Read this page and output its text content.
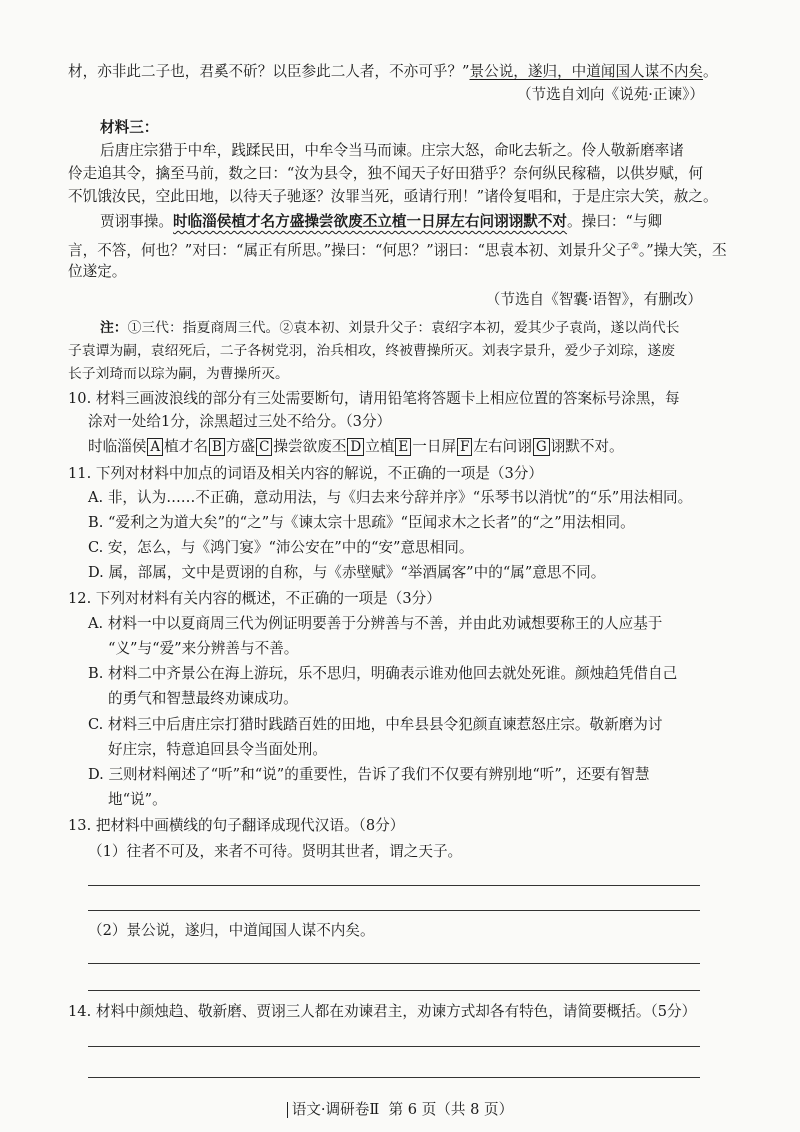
材，亦非此二子也，君奚不斫？以臣参此二人者，不亦可乎？”景公说，遂归，中道闻国人谋不内矣。
（节选自刘向《说苑·正谏》）
材料三：
后唐庄宗猎于中牟，践蹂民田，中牟令当马而谏。庄宗大怒，命叱去斩之。伶人敬新磨率诸
伶走追其令，擒至马前，数之曰：“汝为县令，独不闻天子好田猎乎？奈何纵民稼穑，以供岁赋，何
不饥饿汝民，空此田地，以待天子驰逐？汝罪当死，亟请行刑！”诸伶复唱和，于是庄宗大笑，赦之。
贾诩事操。时临淄侯植才名方盛操尝欲废丕立植一日屏左右问诩诩默不对。操曰：“与卿
言，不答，何也？”对曰：“属正有所思。”操曰：“何思？”诩曰：“思袁本初、刘景升父子②。”操大笑，丕
位遂定。
（节选自《智囊·语智》，有删改）
注：①三代：指夏商周三代。②袁本初、刘景升父子：袁绍字本初，爱其少子袁尚，遂以尚代长
子袁谭为嗣，袁绍死后，二子各树党羽，治兵相攻，终被曹操所灭。刘表字景升，爱少子刘琮，遂废
长子刘琦而以琮为嗣，为曹操所灭。
10. 材料三画波浪线的部分有三处需要断句，请用铅笔将答题卡上相应位置的答案标号涂黑，每
涂对一处给1分，涂黑超过三处不给分。（3分）
时临淄侯 A 植才名 B 方盛 C 操尝欲废丕 D 立植 E 一日屏 F 左右问诩 G 诩默不对。
11. 下列对材料中加点的词语及相关内容的解说，不正确的一项是（3分）
A. 非，认为……不正确，意动用法，与《归去来兮辞并序》“乐琴书以消忧”的“乐”用法相同。
B. “爱利之为道大矣”的“之”与《谏太宗十思疏》“臣闻求木之长者”的“之”用法相同。
C. 安，怎么，与《鸿门宴》“沛公安在”中的“安”意思相同。
D. 属，部属，文中是贾诩的自称，与《赤壁赋》“举酒属客”中的“属”意思不同。
12. 下列对材料有关内容的概述，不正确的一项是（3分）
A. 材料一中以夏商周三代为例证明要善于分辨善与不善，并由此劝诫想要称王的人应基于
“义”与“爱”来分辨善与不善。
B. 材料二中齐景公在海上游玩，乐不思归，明确表示谁劝他回去就处死谁。颜烛趋凭借自己
的勇气和智慧最终劝谏成功。
C. 材料三中后唐庄宗打猎时践踏百姓的田地，中牟县县令犯颜直谏惹怒庄宗。敬新磨为讨
好庄宗，特意追回县令当面处刑。
D. 三则材料阐述了“听”和“说”的重要性，告诉了我们不仅要有辨别地“听”，还要有智慧
地“说”。
13. 把材料中画横线的句子翻译成现代汉语。（8分）
（1）往者不可及，来者不可待。贤明其世者，谓之天子。
（2）景公说，遂归，中道闻国人谋不内矣。
14. 材料中颜烛趋、敬新磨、贾诩三人都在劝谏君主，劝谏方式却各有特色，请简要概括。（5分）
语文·调研卷Ⅱ 第 6 页（共 8 页）
